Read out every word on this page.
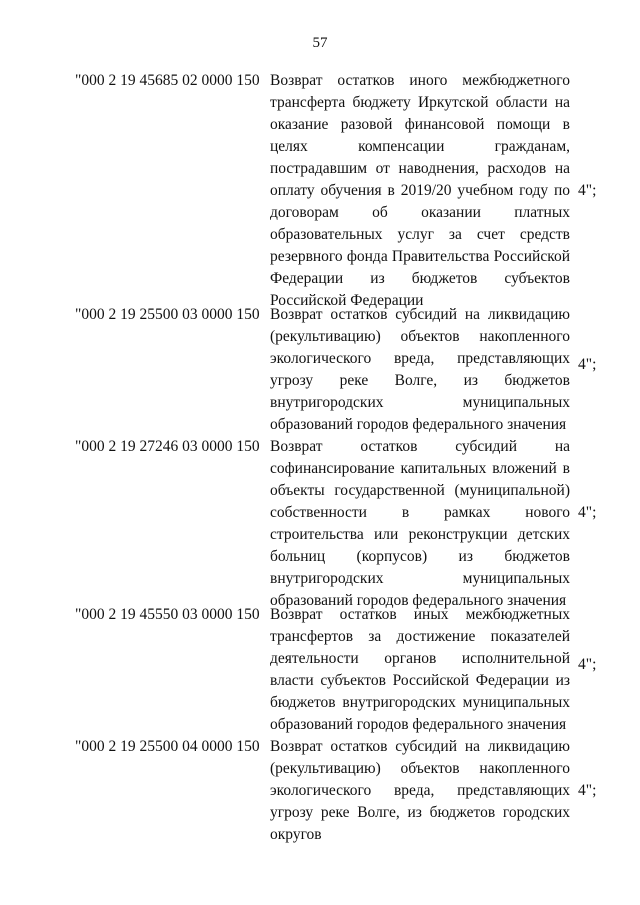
57
"000 2 19 45685 02 0000 150 Возврат остатков иного межбюджетного трансферта бюджету Иркутской области на оказание разовой финансовой помощи в целях компенсации гражданам, пострадавшим от наводнения, расходов на оплату обучения в 2019/20 учебном году по договорам об оказании платных образовательных услуг за счет средств резервного фонда Правительства Российской Федерации из бюджетов субъектов Российской Федерации
4";
"000 2 19 25500 03 0000 150 Возврат остатков субсидий на ликвидацию (рекультивацию) объектов накопленного экологического вреда, представляющих угрозу реке Волге, из бюджетов внутригородских муниципальных образований городов федерального значения
4";
"000 2 19 27246 03 0000 150 Возврат остатков субсидий на софинансирование капитальных вложений в объекты государственной (муниципальной) собственности в рамках нового строительства или реконструкции детских больниц (корпусов) из бюджетов внутригородских муниципальных образований городов федерального значения
4";
"000 2 19 45550 03 0000 150 Возврат остатков иных межбюджетных трансфертов за достижение показателей деятельности органов исполнительной власти субъектов Российской Федерации из бюджетов внутригородских муниципальных образований городов федерального значения
4";
"000 2 19 25500 04 0000 150 Возврат остатков субсидий на ликвидацию (рекультивацию) объектов накопленного экологического вреда, представляющих угрозу реке Волге, из бюджетов городских округов
4";
